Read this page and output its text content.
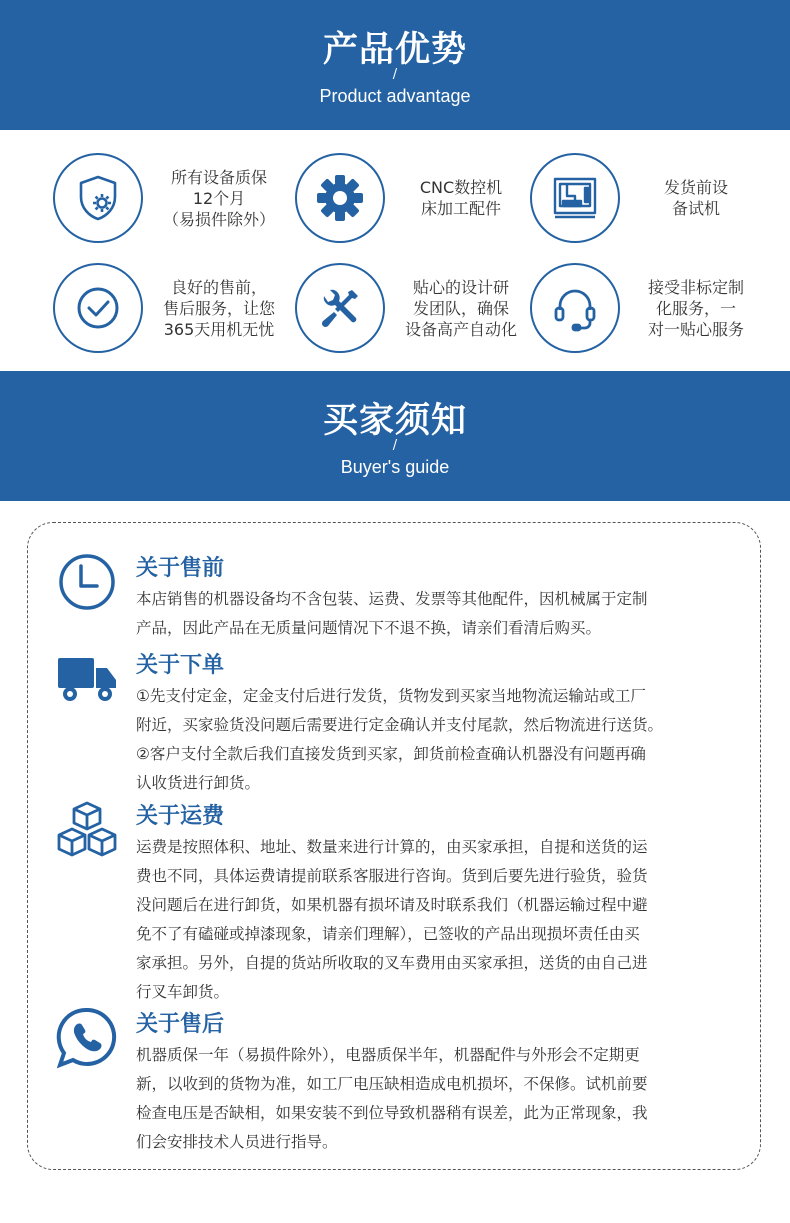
产品优势
/
Product advantage
所有设备质保
12个月
（易损件除外）
CNC数控机
床加工配件
发货前设
备试机
良好的售前，
售后服务，让您
365天用机无忧
贴心的设计研
发团队，确保
设备高产自动化
接受非标定制
化服务，一
对一贴心服务
买家须知
/
Buyer's guide
关于售前

本店销售的机器设备均不含包装、运费、发票等其他配件，因机械属于定制

产品，因此产品在无质量问题情况下不退不换，请亲们看清后购买。

关于下单

①先支付定金，定金支付后进行发货，货物发到买家当地物流运输站或工厂

附近，买家验货没问题后需要进行定金确认并支付尾款，然后物流进行送货。

②客户支付全款后我们直接发货到买家，卸货前检查确认机器没有问题再确

认收货进行卸货。

关于运费

运费是按照体积、地址、数量来进行计算的，由买家承担，自提和送货的运

费也不同，具体运费请提前联系客服进行咨询。货到后要先进行验货，验货

没问题后在进行卸货，如果机器有损坏请及时联系我们（机器运输过程中避

免不了有磕碰或掉漆现象，请亲们理解），已签收的产品出现损坏责任由买

家承担。另外，自提的货站所收取的叉车费用由买家承担，送货的由自己进

行叉车卸货。

关于售后

机器质保一年（易损件除外），电器质保半年，机器配件与外形会不定期更

新，以收到的货物为准，如工厂电压缺相造成电机损坏，不保修。试机前要

检查电压是否缺相，如果安装不到位导致机器稍有误差，此为正常现象，我

们会安排技术人员进行指导。
